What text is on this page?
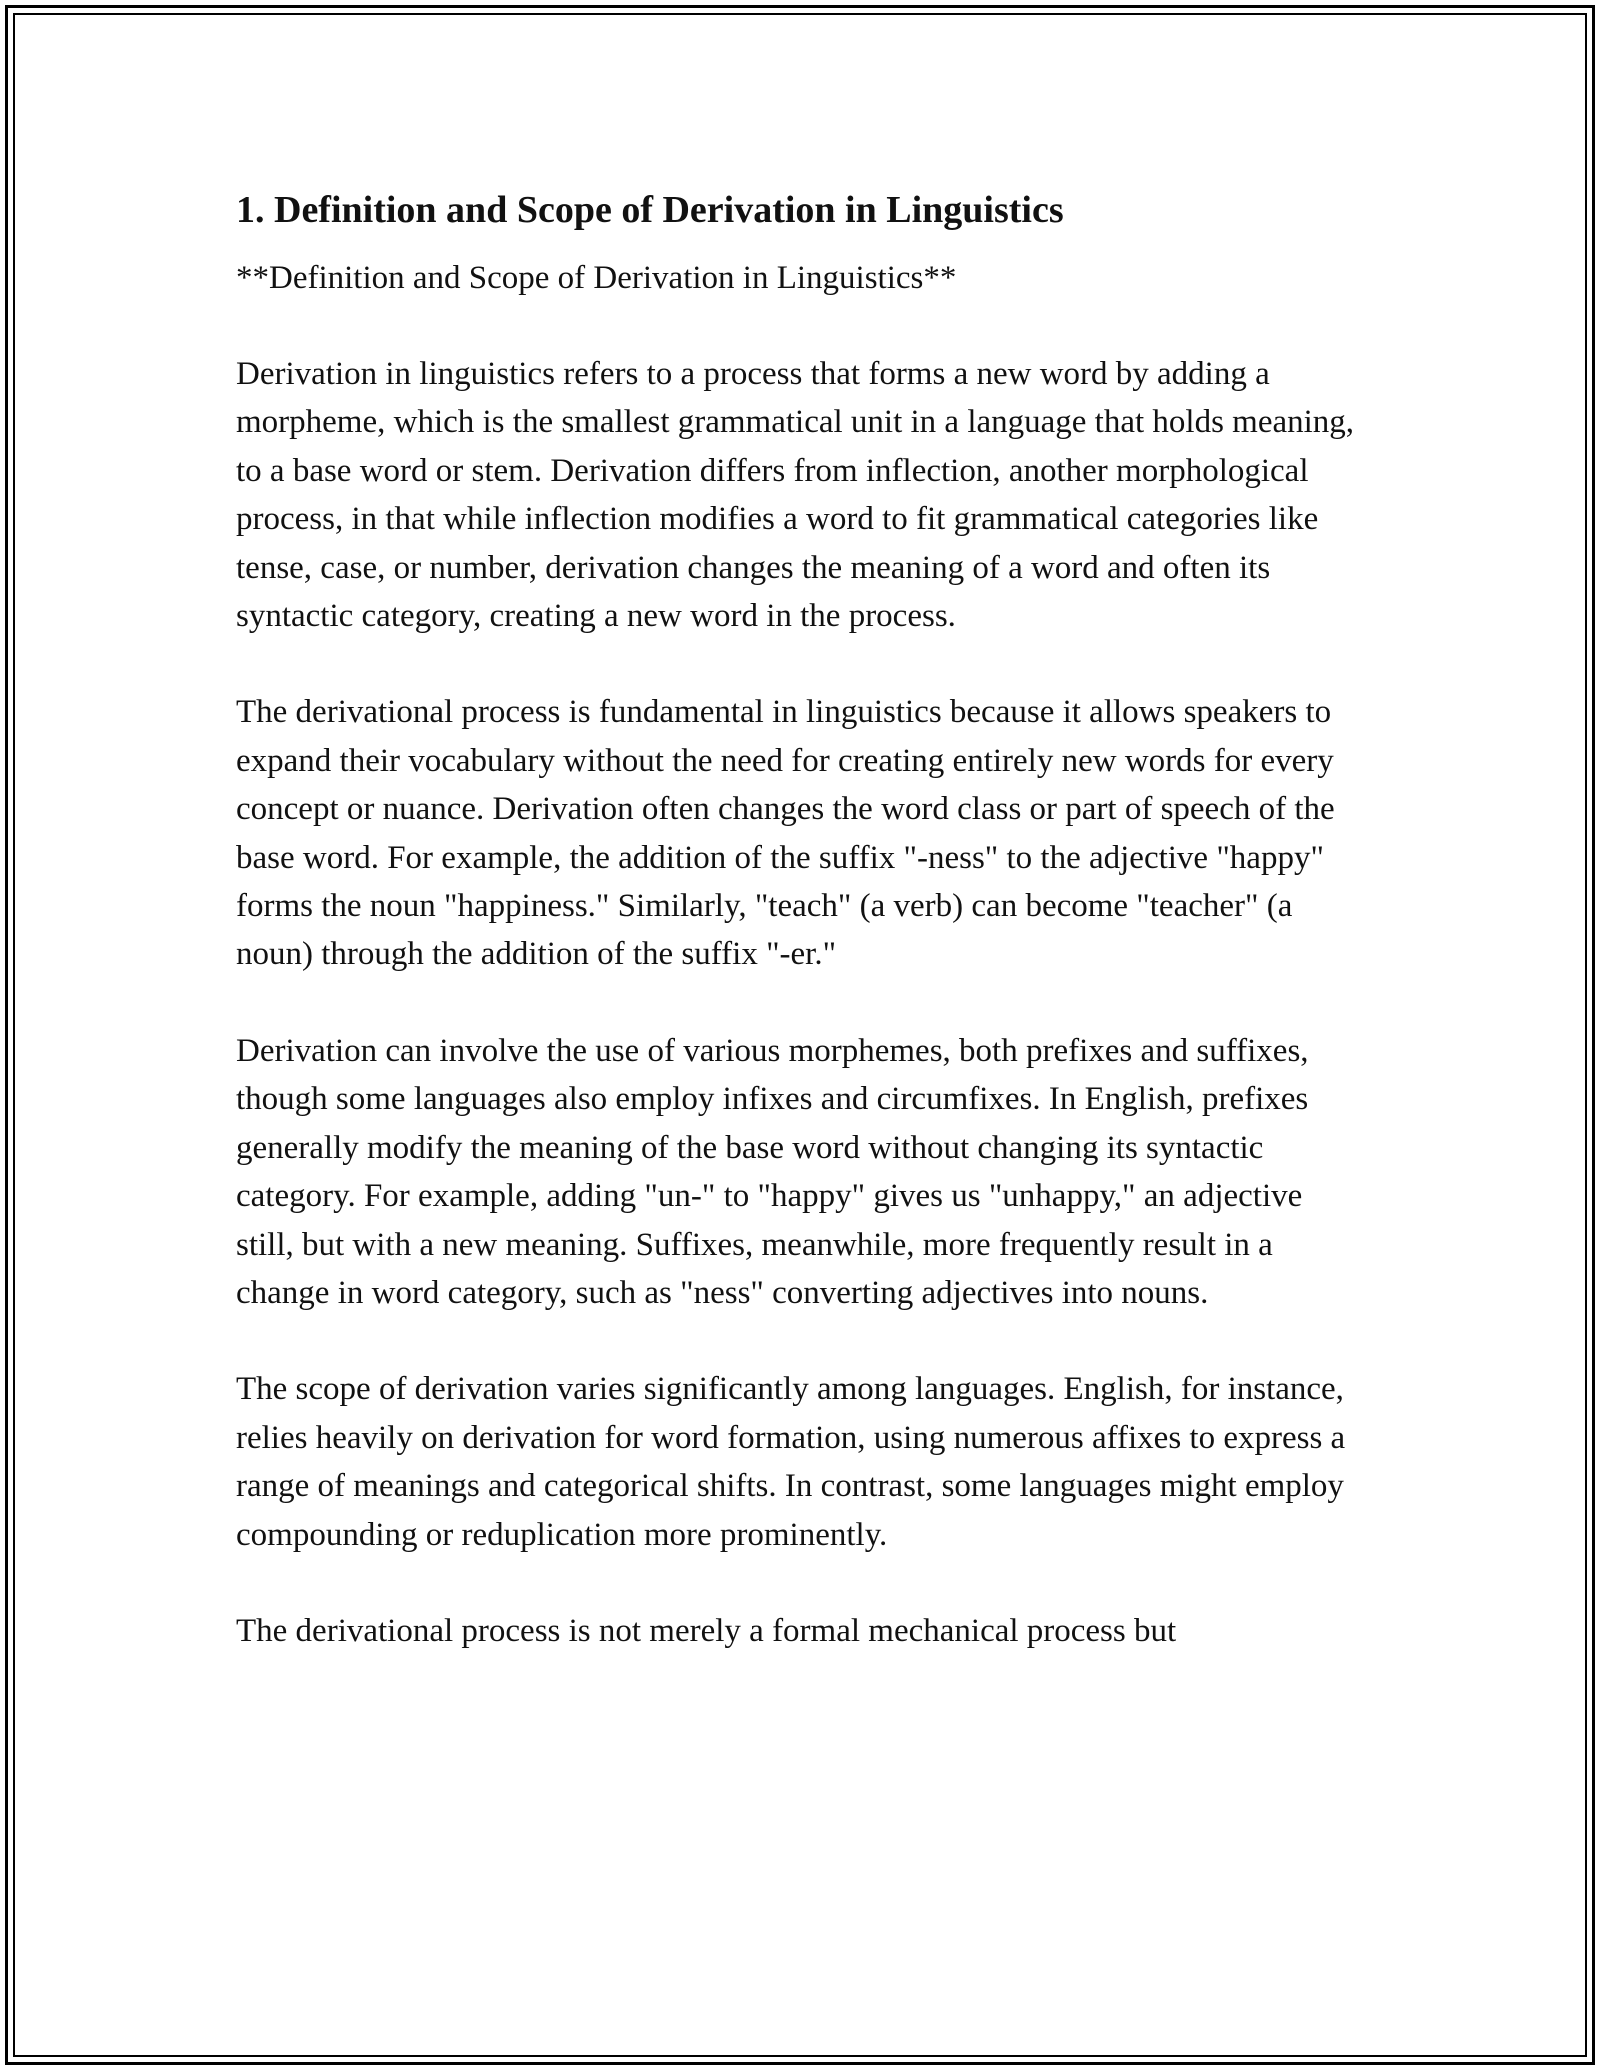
1. Definition and Scope of Derivation in Linguistics

**Definition and Scope of Derivation in Linguistics**

Derivation in linguistics refers to a process that forms a new word by adding a morpheme, which is the smallest grammatical unit in a language that holds meaning, to a base word or stem. Derivation differs from inflection, another morphological process, in that while inflection modifies a word to fit grammatical categories like tense, case, or number, derivation changes the meaning of a word and often its syntactic category, creating a new word in the process.

The derivational process is fundamental in linguistics because it allows speakers to expand their vocabulary without the need for creating entirely new words for every concept or nuance. Derivation often changes the word class or part of speech of the base word. For example, the addition of the suffix "-ness" to the adjective "happy" forms the noun "happiness." Similarly, "teach" (a verb) can become "teacher" (a noun) through the addition of the suffix "-er."

Derivation can involve the use of various morphemes, both prefixes and suffixes, though some languages also employ infixes and circumfixes. In English, prefixes generally modify the meaning of the base word without changing its syntactic category. For example, adding "un-" to "happy" gives us "unhappy," an adjective still, but with a new meaning. Suffixes, meanwhile, more frequently result in a change in word category, such as "ness" converting adjectives into nouns.

The scope of derivation varies significantly among languages. English, for instance, relies heavily on derivation for word formation, using numerous affixes to express a range of meanings and categorical shifts. In contrast, some languages might employ compounding or reduplication more prominently.

The derivational process is not merely a formal mechanical process but
